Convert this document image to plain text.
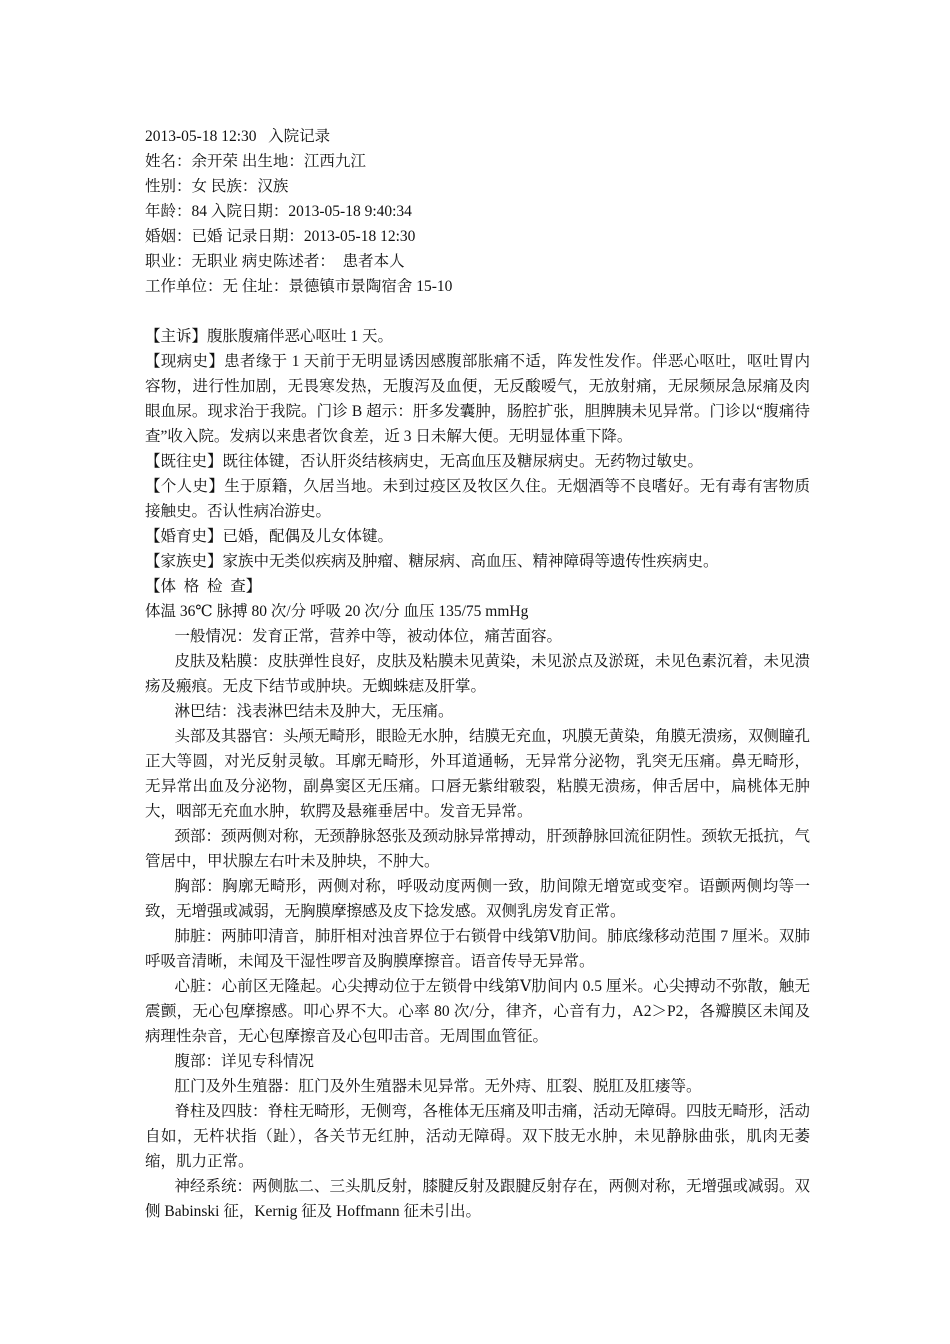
2013-05-18 12:30   入院记录
姓名：余开荣 出生地：江西九江
性别：女 民族：汉族
年龄：84 入院日期：2013-05-18 9:40:34
婚姻：已婚 记录日期：2013-05-18 12:30
职业：无职业 病史陈述者：  患者本人
工作单位：无 住址：景德镇市景陶宿舍 15-10
【主诉】腹胀腹痛伴恶心呕吐 1 天。
【现病史】患者缘于 1 天前于无明显诱因感腹部胀痛不适，阵发性发作。伴恶心呕吐，呕吐胃内容物，进行性加剧，无畏寒发热，无腹泻及血便，无反酸嗳气，无放射痛，无尿频尿急尿痛及肉眼血尿。现求治于我院。门诊 B 超示：肝多发囊肿，肠腔扩张，胆脾胰未见异常。门诊以“腹痛待查”收入院。发病以来患者饮食差，近 3 日未解大便。无明显体重下降。
【既往史】既往体键，否认肝炎结核病史，无高血压及糖尿病史。无药物过敏史。
【个人史】生于原籍，久居当地。未到过疫区及牧区久住。无烟酒等不良嗜好。无有毒有害物质接触史。否认性病冶游史。
【婚育史】已婚，配偶及儿女体键。
【家族史】家族中无类似疾病及肿瘤、糖尿病、高血压、精神障碍等遗传性疾病史。
【体  格  检  查】
体温 36℃ 脉搏 80 次/分 呼吸 20 次/分 血压 135/75 mmHg
一般情况：发育正常，营养中等，被动体位，痛苦面容。
皮肤及粘膜：皮肤弹性良好，皮肤及粘膜未见黄染，未见淤点及淤斑，未见色素沉着，未见溃疡及瘢痕。无皮下结节或肿块。无蜘蛛痣及肝掌。
淋巴结：浅表淋巴结未及肿大，无压痛。
头部及其器官：头颅无畸形，眼睑无水肿，结膜无充血，巩膜无黄染，角膜无溃疡，双侧瞳孔正大等圆，对光反射灵敏。耳廓无畸形，外耳道通畅，无异常分泌物，乳突无压痛。鼻无畸形，无异常出血及分泌物，副鼻窦区无压痛。口唇无紫绀皲裂，粘膜无溃疡，伸舌居中，扁桃体无肿大，咽部无充血水肿，软腭及悬雍垂居中。发音无异常。
颈部：颈两侧对称，无颈静脉怒张及颈动脉异常搏动，肝颈静脉回流征阴性。颈软无抵抗，气管居中，甲状腺左右叶未及肿块，不肿大。
胸部：胸廓无畸形，两侧对称，呼吸动度两侧一致，肋间隙无增宽或变窄。语颤两侧均等一致，无增强或减弱，无胸膜摩擦感及皮下捻发感。双侧乳房发育正常。
肺脏：两肺叩清音，肺肝相对浊音界位于右锁骨中线第Ⅴ肋间。肺底缘移动范围 7 厘米。双肺呼吸音清晰，未闻及干湿性啰音及胸膜摩擦音。语音传导无异常。
心脏：心前区无隆起。心尖搏动位于左锁骨中线第Ⅴ肋间内 0.5 厘米。心尖搏动不弥散，触无震颤，无心包摩擦感。叩心界不大。心率 80 次/分，律齐，心音有力，A2＞P2，各瓣膜区未闻及病理性杂音，无心包摩擦音及心包叩击音。无周围血管征。
腹部：详见专科情况
肛门及外生殖器：肛门及外生殖器未见异常。无外痔、肛裂、脱肛及肛瘘等。
脊柱及四肢：脊柱无畸形，无侧弯，各椎体无压痛及叩击痛，活动无障碍。四肢无畸形，活动自如，无杵状指（趾），各关节无红肿，活动无障碍。双下肢无水肿，未见静脉曲张，肌肉无萎缩，肌力正常。
神经系统：两侧肱二、三头肌反射，膝腱反射及跟腱反射存在，两侧对称，无增强或减弱。双侧 Babinski 征，Kernig 征及 Hoffmann 征未引出。
